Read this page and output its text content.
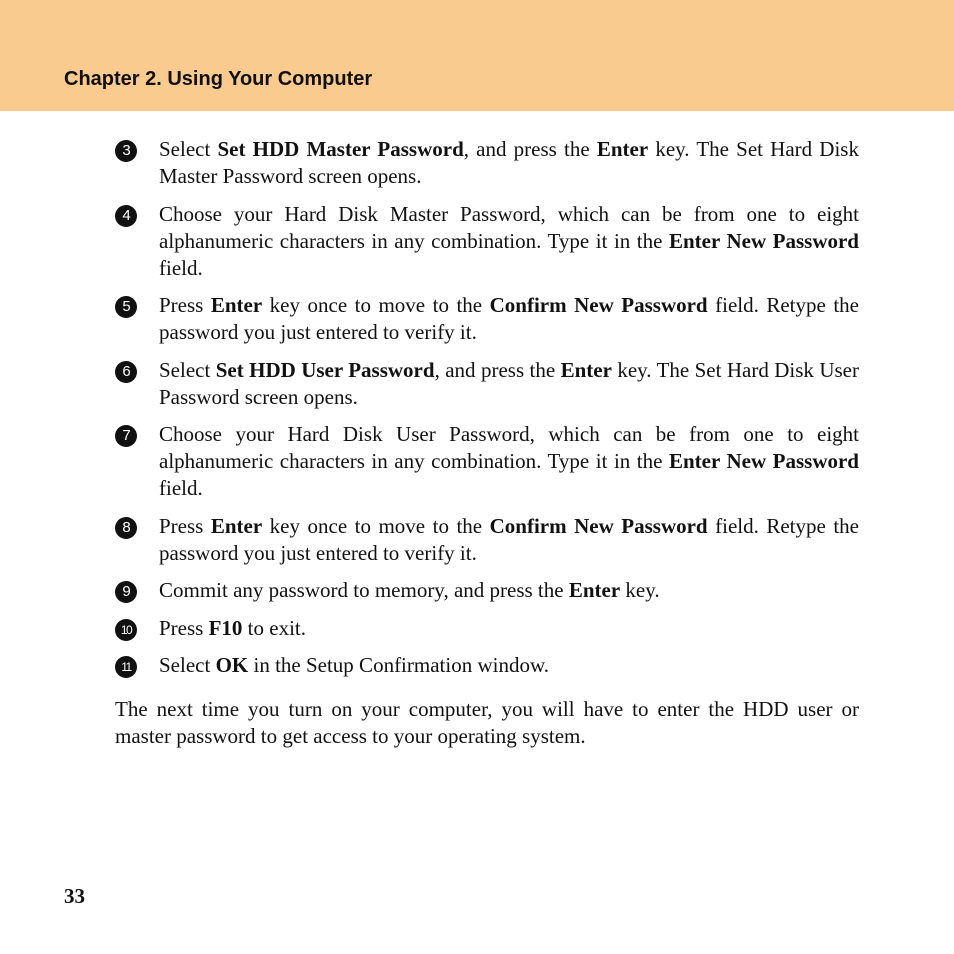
Chapter 2. Using Your Computer
3	Select Set HDD Master Password, and press the Enter key. The Set Hard Disk Master Password screen opens.
4	Choose your Hard Disk Master Password, which can be from one to eight alphanumeric characters in any combination. Type it in the Enter New Password field.
5	Press Enter key once to move to the Confirm New Password field. Retype the password you just entered to verify it.
6	Select Set HDD User Password, and press the Enter key. The Set Hard Disk User Password screen opens.
7	Choose your Hard Disk User Password, which can be from one to eight alphanumeric characters in any combination. Type it in the Enter New Password field.
8	Press Enter key once to move to the Confirm New Password field. Retype the password you just entered to verify it.
9	Commit any password to memory, and press the Enter key.
10 Press F10 to exit.
11 Select OK in the Setup Confirmation window.

The next time you turn on your computer, you will have to enter the HDD user or master password to get access to your operating system.

33
